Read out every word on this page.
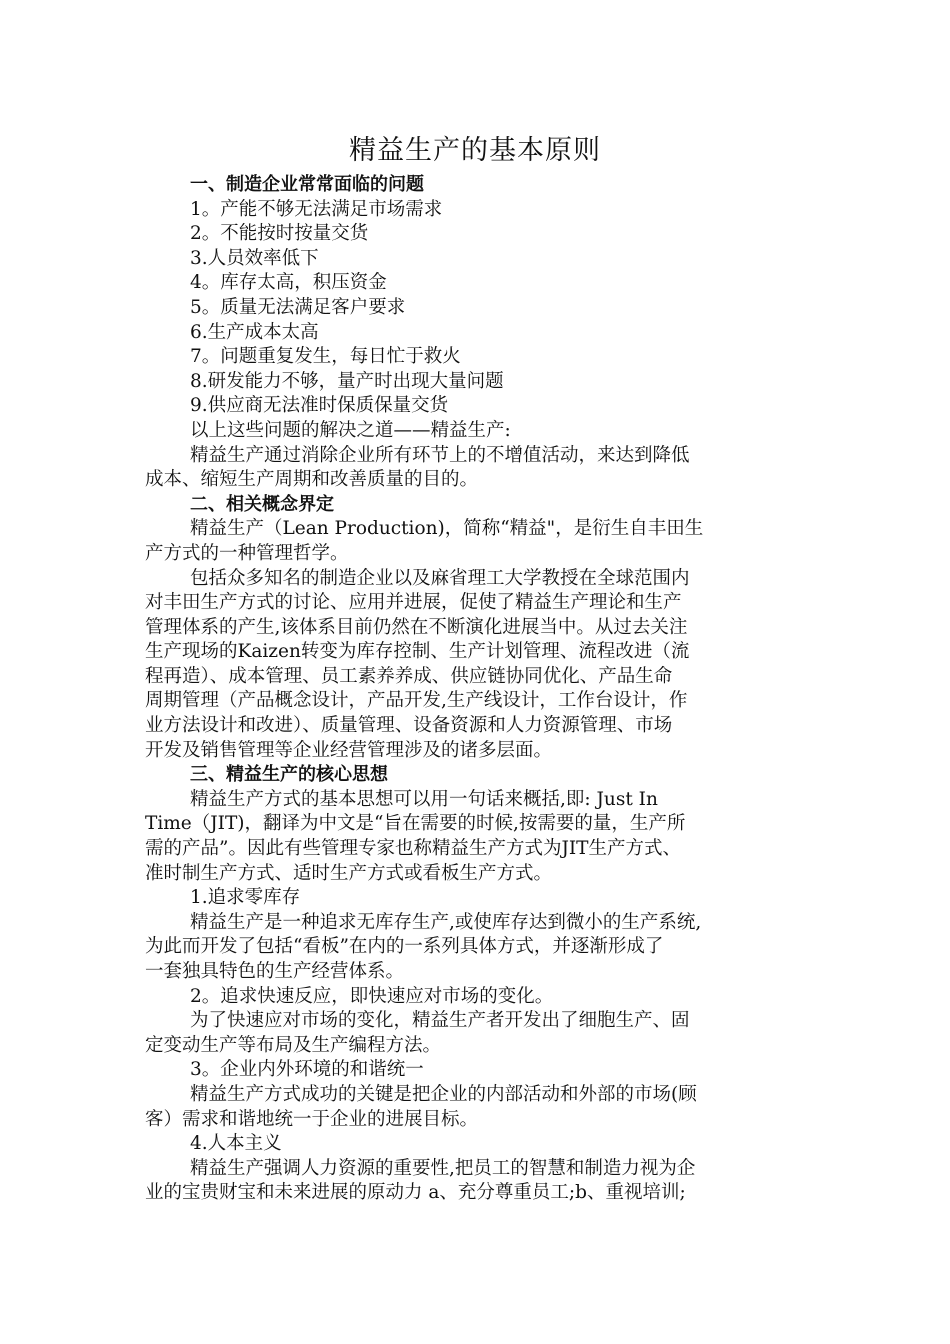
精益生产的基本原则
一、制造企业常常面临的问题
1。产能不够无法满足市场需求
2。不能按时按量交货
3.人员效率低下
4。库存太高，积压资金
5。质量无法满足客户要求
6.生产成本太高
7。问题重复发生，每日忙于救火
8.研发能力不够，量产时出现大量问题
9.供应商无法准时保质保量交货
以上这些问题的解决之道——精益生产:
精益生产通过消除企业所有环节上的不增值活动，来达到降低
成本、缩短生产周期和改善质量的目的。
二、相关概念界定
精益生产（Lean Production)，简称“精益"，是衍生自丰田生
产方式的一种管理哲学。
包括众多知名的制造企业以及麻省理工大学教授在全球范围内
对丰田生产方式的讨论、应用并进展，促使了精益生产理论和生产
管理体系的产生,该体系目前仍然在不断演化进展当中。从过去关注
生产现场的Kaizen转变为库存控制、生产计划管理、流程改进（流
程再造）、成本管理、员工素养养成、供应链协同优化、产品生命
周期管理（产品概念设计，产品开发,生产线设计，工作台设计，作
业方法设计和改进）、质量管理、设备资源和人力资源管理、市场
开发及销售管理等企业经营管理涉及的诸多层面。
三、精益生产的核心思想
精益生产方式的基本思想可以用一句话来概括,即: Just In
Time（JIT)，翻译为中文是“旨在需要的时候,按需要的量，生产所
需的产品”。因此有些管理专家也称精益生产方式为JIT生产方式、
准时制生产方式、适时生产方式或看板生产方式。
1.追求零库存
精益生产是一种追求无库存生产,或使库存达到微小的生产系统,
为此而开发了包括“看板”在内的一系列具体方式，并逐渐形成了
一套独具特色的生产经营体系。
2。追求快速反应，即快速应对市场的变化。
为了快速应对市场的变化，精益生产者开发出了细胞生产、固
定变动生产等布局及生产编程方法。
3。企业内外环境的和谐统一
精益生产方式成功的关键是把企业的内部活动和外部的市场(顾
客）需求和谐地统一于企业的进展目标。
4.人本主义
精益生产强调人力资源的重要性,把员工的智慧和制造力视为企
业的宝贵财宝和未来进展的原动力 a、充分尊重员工;b、重视培训;
